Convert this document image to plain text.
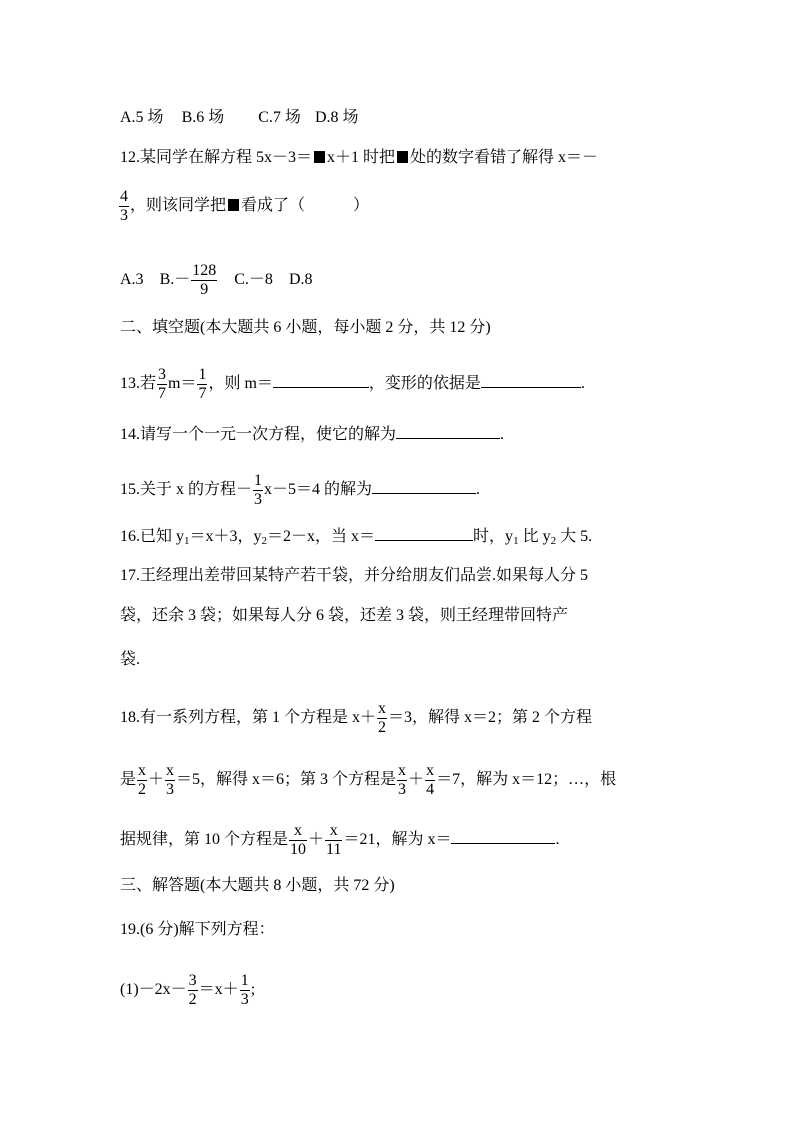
A.5 场 B.6 场 C.7 场 D.8 场
12.某同学在解方程 5x－3＝ x＋1 时把 处的数字看错了解得 x＝－
$\frac{4}{3}$ ，则该同学把 看成了（　　　）
A.3 $B.- \frac{128}{9} C.-8$ D.8
二、填空题(本大题共 6 小题，每小题 2 分，共 12 分)
13.若 $\frac{3}{7} m= \frac{1}{7}$ ，则 m＝	，变形的依据是	.
14.请写一个一元一次方程，使它的解为	.
15.关于 x 的方程－ $\frac{1}{3} x-5=4$ 的解为	.
16.已知 $y_1=x+3$，$y_2=2-x$，当 x＝	时，$y_1$ 比 $y_2$ 大 5.
17.王经理出差带回某特产若干袋，并分给朋友们品尝.如果每人分 5
袋，还余 3 袋；如果每人分 6 袋，还差 3 袋，则王经理带回特产
袋.
18.有一系列方程，第 1 个方程是 $x+ \frac{x}{2} =3$，解得 x＝2；第 2 个方程
是 $\frac{x}{2} + \frac{x}{3} =5$，解得 x＝6；第 3 个方程是 $\frac{x}{3} + \frac{x}{4} =7$，解为 x＝12；…，根
据规律，第 10 个方程是 $\frac{x}{10} + \frac{x}{11} =21$，解为 x＝	.
三、解答题(本大题共 8 小题，共 72 分)
19.(6 分)解下列方程：
$(1)-2x- \frac{3}{2} =x+ \frac{1}{3}$ ;
